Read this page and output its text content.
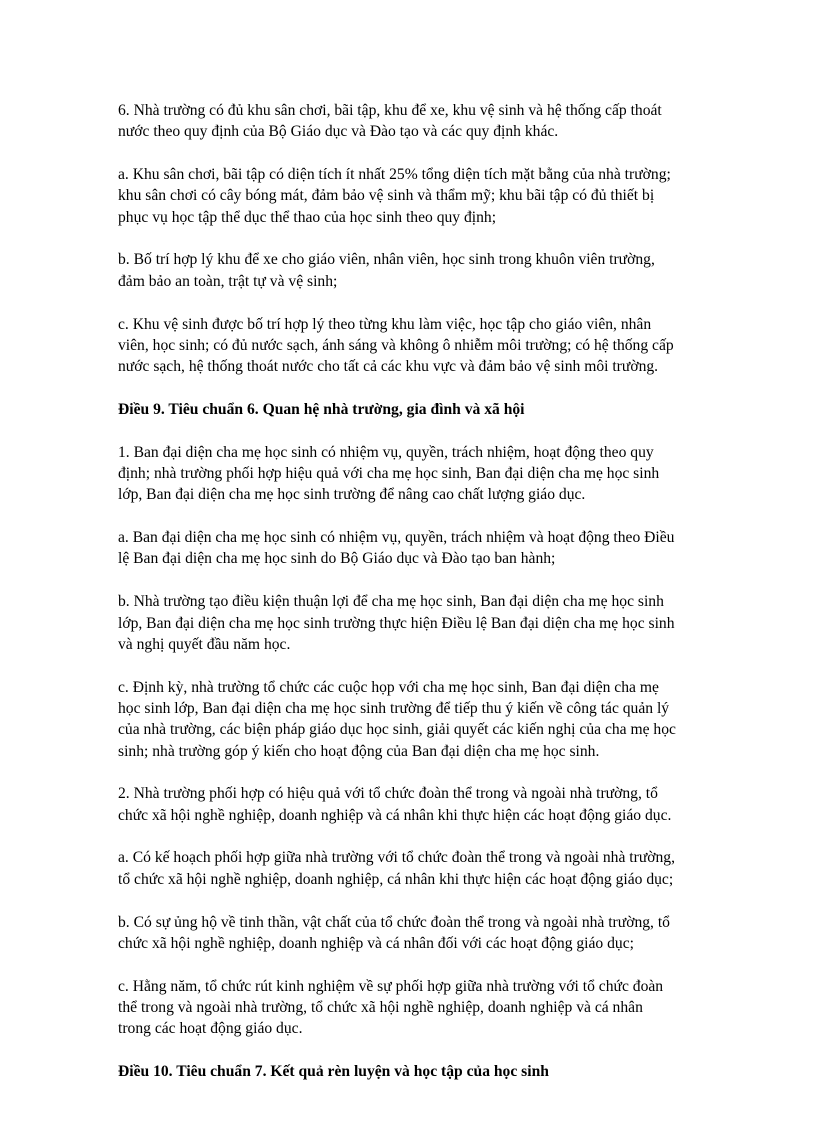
6. Nhà trường có đủ khu sân chơi, bãi tập, khu để xe, khu vệ sinh và hệ thống cấp thoát
nước theo quy định của Bộ Giáo dục và Đào tạo và các quy định khác.

a. Khu sân chơi, bãi tập có diện tích ít nhất 25% tổng diện tích mặt bằng của nhà trường;
khu sân chơi có cây bóng mát, đảm bảo vệ sinh và thẩm mỹ; khu bãi tập có đủ thiết bị
phục vụ học tập thể dục thể thao của học sinh theo quy định;

b. Bố trí hợp lý khu để xe cho giáo viên, nhân viên, học sinh trong khuôn viên trường,
đảm bảo an toàn, trật tự và vệ sinh;

c. Khu vệ sinh được bố trí hợp lý theo từng khu làm việc, học tập cho giáo viên, nhân
viên, học sinh; có đủ nước sạch, ánh sáng và không ô nhiễm môi trường; có hệ thống cấp
nước sạch, hệ thống thoát nước cho tất cả các khu vực và đảm bảo vệ sinh môi trường.

Điều 9. Tiêu chuẩn 6. Quan hệ nhà trường, gia đình và xã hội

1. Ban đại diện cha mẹ học sinh có nhiệm vụ, quyền, trách nhiệm, hoạt động theo quy
định; nhà trường phối hợp hiệu quả với cha mẹ học sinh, Ban đại diện cha mẹ học sinh
lớp, Ban đại diện cha mẹ học sinh trường để nâng cao chất lượng giáo dục.

a. Ban đại diện cha mẹ học sinh có nhiệm vụ, quyền, trách nhiệm và hoạt động theo Điều
lệ Ban đại diện cha mẹ học sinh do Bộ Giáo dục và Đào tạo ban hành;

b. Nhà trường tạo điều kiện thuận lợi để cha mẹ học sinh, Ban đại diện cha mẹ học sinh
lớp, Ban đại diện cha mẹ học sinh trường thực hiện Điều lệ Ban đại diện cha mẹ học sinh
và nghị quyết đầu năm học.

c. Định kỳ, nhà trường tổ chức các cuộc họp với cha mẹ học sinh, Ban đại diện cha mẹ
học sinh lớp, Ban đại diện cha mẹ học sinh trường để tiếp thu ý kiến về công tác quản lý
của nhà trường, các biện pháp giáo dục học sinh, giải quyết các kiến nghị của cha mẹ học
sinh; nhà trường góp ý kiến cho hoạt động của Ban đại diện cha mẹ học sinh.

2. Nhà trường phối hợp có hiệu quả với tổ chức đoàn thể trong và ngoài nhà trường, tổ
chức xã hội nghề nghiệp, doanh nghiệp và cá nhân khi thực hiện các hoạt động giáo dục.

a. Có kế hoạch phối hợp giữa nhà trường với tổ chức đoàn thể trong và ngoài nhà trường,
tổ chức xã hội nghề nghiệp, doanh nghiệp, cá nhân khi thực hiện các hoạt động giáo dục;

b. Có sự ủng hộ về tinh thần, vật chất của tổ chức đoàn thể trong và ngoài nhà trường, tổ
chức xã hội nghề nghiệp, doanh nghiệp và cá nhân đối với các hoạt động giáo dục;

c. Hằng năm, tổ chức rút kinh nghiệm về sự phối hợp giữa nhà trường với tổ chức đoàn
thể trong và ngoài nhà trường, tổ chức xã hội nghề nghiệp, doanh nghiệp và cá nhân
trong các hoạt động giáo dục.

Điều 10. Tiêu chuẩn 7. Kết quả rèn luyện và học tập của học sinh
